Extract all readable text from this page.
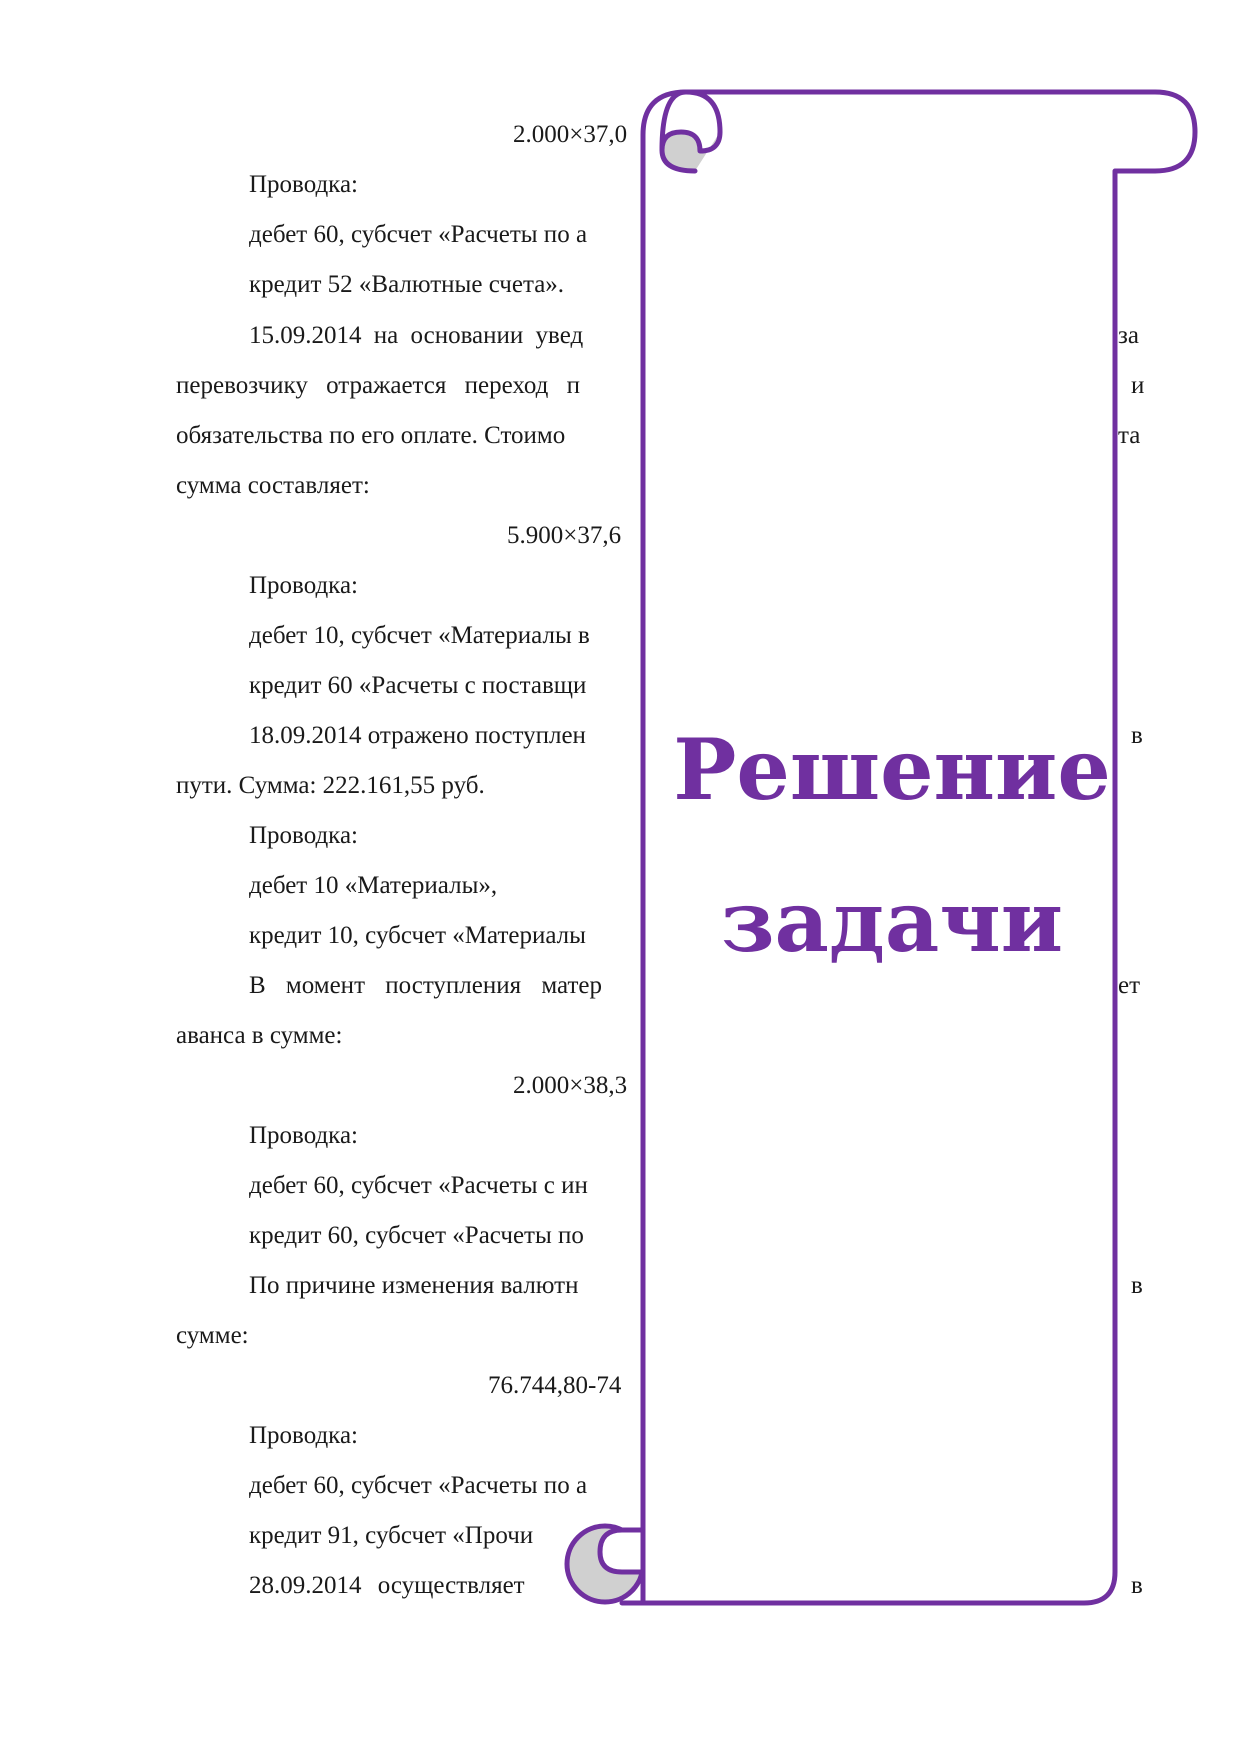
2.000×37,0

Проводка:

дебет 60, субсчет «Расчеты по а

кредит 52 «Валютные счета».

15.09.2014 на основании увед	за

перевозчику отражается переход п	и

обязательства по его оплате. Стоимо	та

сумма составляет:

5.900×37,6

Проводка:

дебет 10, субсчет «Материалы в

кредит 60 «Расчеты с поставщи

18.09.2014 отражено поступлен	в

пути. Сумма: 222.161,55 руб.

Проводка:

дебет 10 «Материалы»,

кредит 10, субсчет «Материалы

В момент поступления матер	ет

аванса в сумме:

2.000×38,3

Проводка:

дебет 60, субсчет «Расчеты с ин

кредит 60, субсчет «Расчеты по

По причине изменения валютн	в

сумме:

76.744,80-74

Проводка:

дебет 60, субсчет «Расчеты по а

кредит 91, субсчет «Прочи

28.09.2014 осуществляет	в

Решение

задачи
